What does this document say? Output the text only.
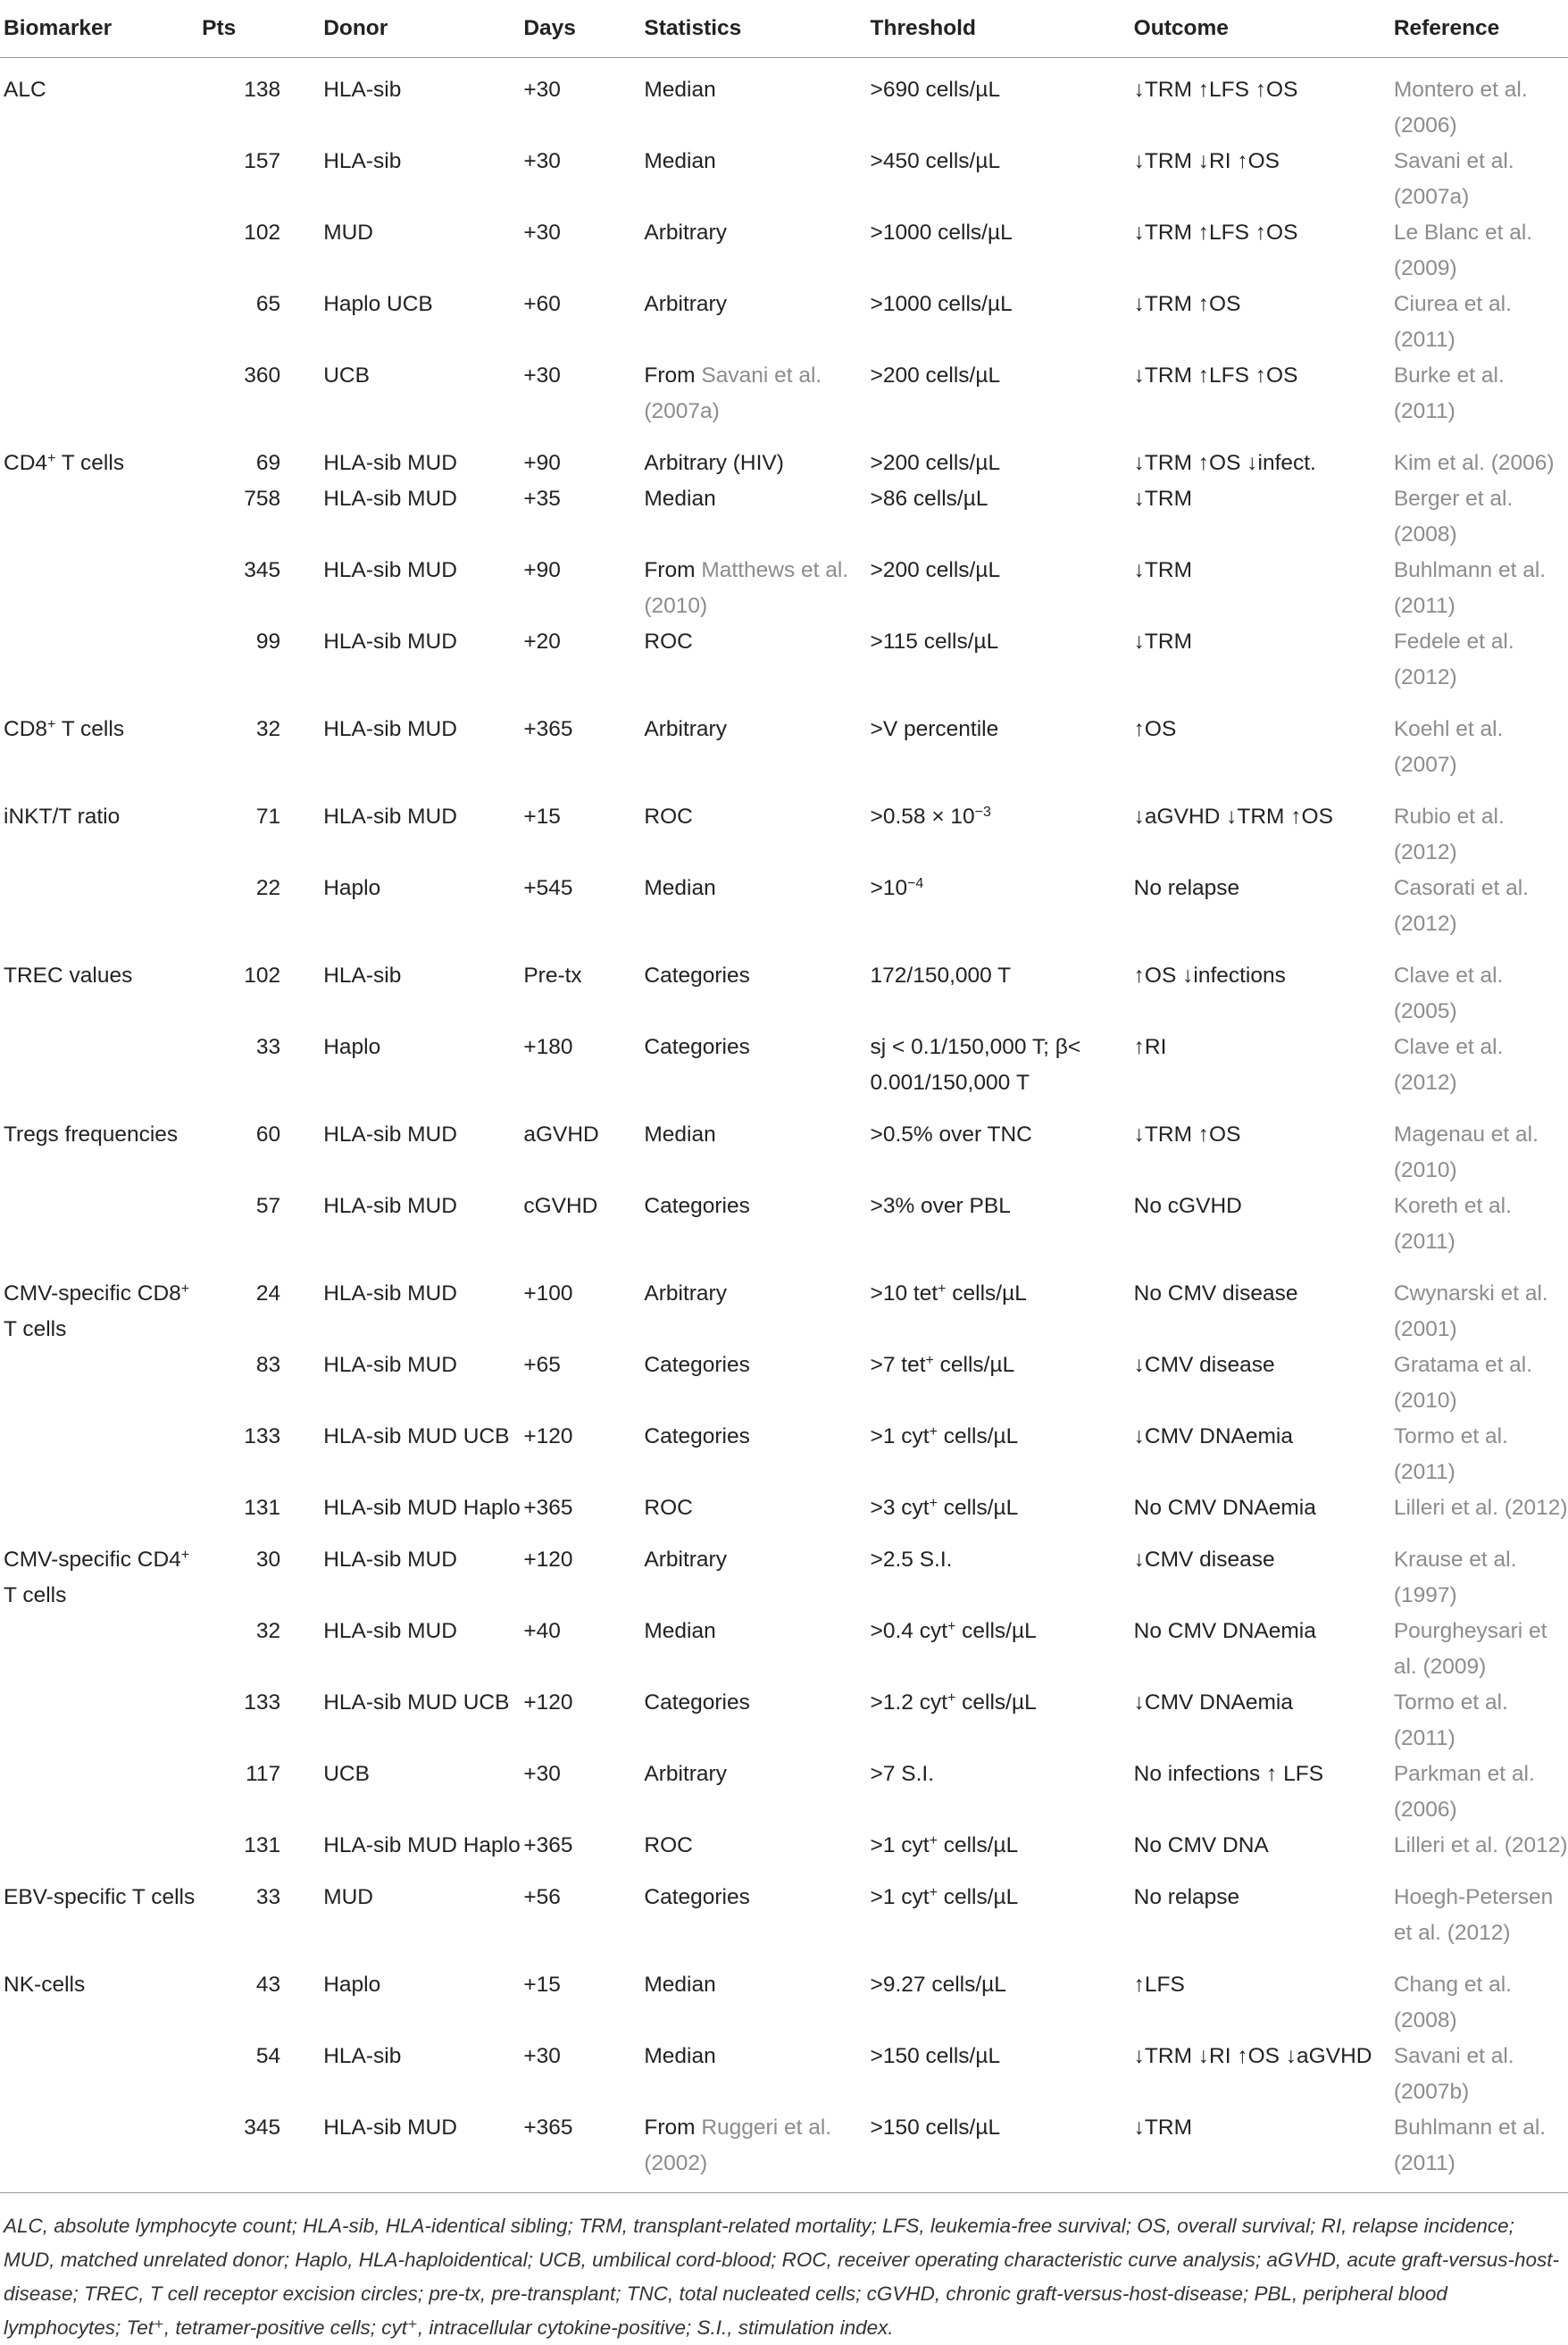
Biomarker	Pts	Donor	Days	Statistics	Threshold	Outcome	Reference
ALC	138	HLA-sib	+30	Median	>690 cells/µL	↓TRM ↑LFS ↑OS	Montero et al. (2006)
	157	HLA-sib	+30	Median	>450 cells/µL	↓TRM ↓RI ↑OS	Savani et al. (2007a)
	102	MUD	+30	Arbitrary	>1000 cells/µL	↓TRM ↑LFS ↑OS	Le Blanc et al. (2009)
	65	Haplo UCB	+60	Arbitrary	>1000 cells/µL	↓TRM ↑OS	Ciurea et al. (2011)
	360	UCB	+30	From Savani et al. (2007a)	>200 cells/µL	↓TRM ↑LFS ↑OS	Burke et al. (2011)
CD4+ T cells	69	HLA-sib MUD	+90	Arbitrary (HIV)	>200 cells/µL	↓TRM ↑OS ↓infect.	Kim et al. (2006)
	758	HLA-sib MUD	+35	Median	>86 cells/µL	↓TRM	Berger et al. (2008)
	345	HLA-sib MUD	+90	From Matthews et al. (2010)	>200 cells/µL	↓TRM	Buhlmann et al. (2011)
	99	HLA-sib MUD	+20	ROC	>115 cells/µL	↓TRM	Fedele et al. (2012)
CD8+ T cells	32	HLA-sib MUD	+365	Arbitrary	>V percentile	↑OS	Koehl et al. (2007)
iNKT/T ratio	71	HLA-sib MUD	+15	ROC	$>0.58 \times 10^{-3}$	↓aGVHD ↓TRM ↑OS	Rubio et al. (2012)
	22	Haplo	+545	Median	$>10^{-4}$	No relapse	Casorati et al. (2012)
TREC values	102	HLA-sib	Pre-tx	Categories	172/150,000 T	↑OS ↓infections	Clave et al. (2005)
	33	Haplo	+180	Categories	sj < 0.1/150,000 T; β< 0.001/150,000 T	↑RI	Clave et al. (2012)
Tregs frequencies	60	HLA-sib MUD	aGVHD	Median	>0.5% over TNC	↓TRM ↑OS	Magenau et al. (2010)
	57	HLA-sib MUD	cGVHD	Categories	>3% over PBL	No cGVHD	Koreth et al. (2011)
CMV-specific CD8+ T cells	24	HLA-sib MUD	+100	Arbitrary	>10 tet+ cells/µL	No CMV disease	Cwynarski et al. (2001)
	83	HLA-sib MUD	+65	Categories	>7 tet+ cells/µL	↓CMV disease	Gratama et al. (2010)
	133	HLA-sib MUD UCB	+120	Categories	>1 cyt+ cells/µL	↓CMV DNAemia	Tormo et al. (2011)
	131	HLA-sib MUD Haplo	+365	ROC	>3 cyt+ cells/µL	No CMV DNAemia	Lilleri et al. (2012)
CMV-specific CD4+ T cells	30	HLA-sib MUD	+120	Arbitrary	>2.5 S.I.	↓CMV disease	Krause et al. (1997)
	32	HLA-sib MUD	+40	Median	>0.4 cyt+ cells/µL	No CMV DNAemia	Pourgheysari et al. (2009)
	133	HLA-sib MUD UCB	+120	Categories	>1.2 cyt+ cells/µL	↓CMV DNAemia	Tormo et al. (2011)
	117	UCB	+30	Arbitrary	>7 S.I.	No infections ↑ LFS	Parkman et al. (2006)
	131	HLA-sib MUD Haplo	+365	ROC	>1 cyt+ cells/µL	No CMV DNA	Lilleri et al. (2012)
EBV-specific T cells	33	MUD	+56	Categories	>1 cyt+ cells/µL	No relapse	Hoegh-Petersen et al. (2012)
NK-cells	43	Haplo	+15	Median	>9.27 cells/µL	↑LFS	Chang et al. (2008)
	54	HLA-sib	+30	Median	>150 cells/µL	↓TRM ↓RI ↑OS ↓aGVHD	Savani et al. (2007b)
	345	HLA-sib MUD	+365	From Ruggeri et al. (2002)	>150 cells/µL	↓TRM	Buhlmann et al. (2011)
ALC, absolute lymphocyte count; HLA-sib, HLA-identical sibling; TRM, transplant-related mortality; LFS, leukemia-free survival; OS, overall survival; RI, relapse incidence; MUD, matched unrelated donor; Haplo, HLA-haploidentical; UCB, umbilical cord-blood; ROC, receiver operating characteristic curve analysis; aGVHD, acute graft-versus-host-disease; TREC, T cell receptor excision circles; pre-tx, pre-transplant; TNC, total nucleated cells; cGVHD, chronic graft-versus-host-disease; PBL, peripheral blood lymphocytes; Tet⁺, tetramer-positive cells; cyt⁺, intracellular cytokine-positive; S.I., stimulation index.
